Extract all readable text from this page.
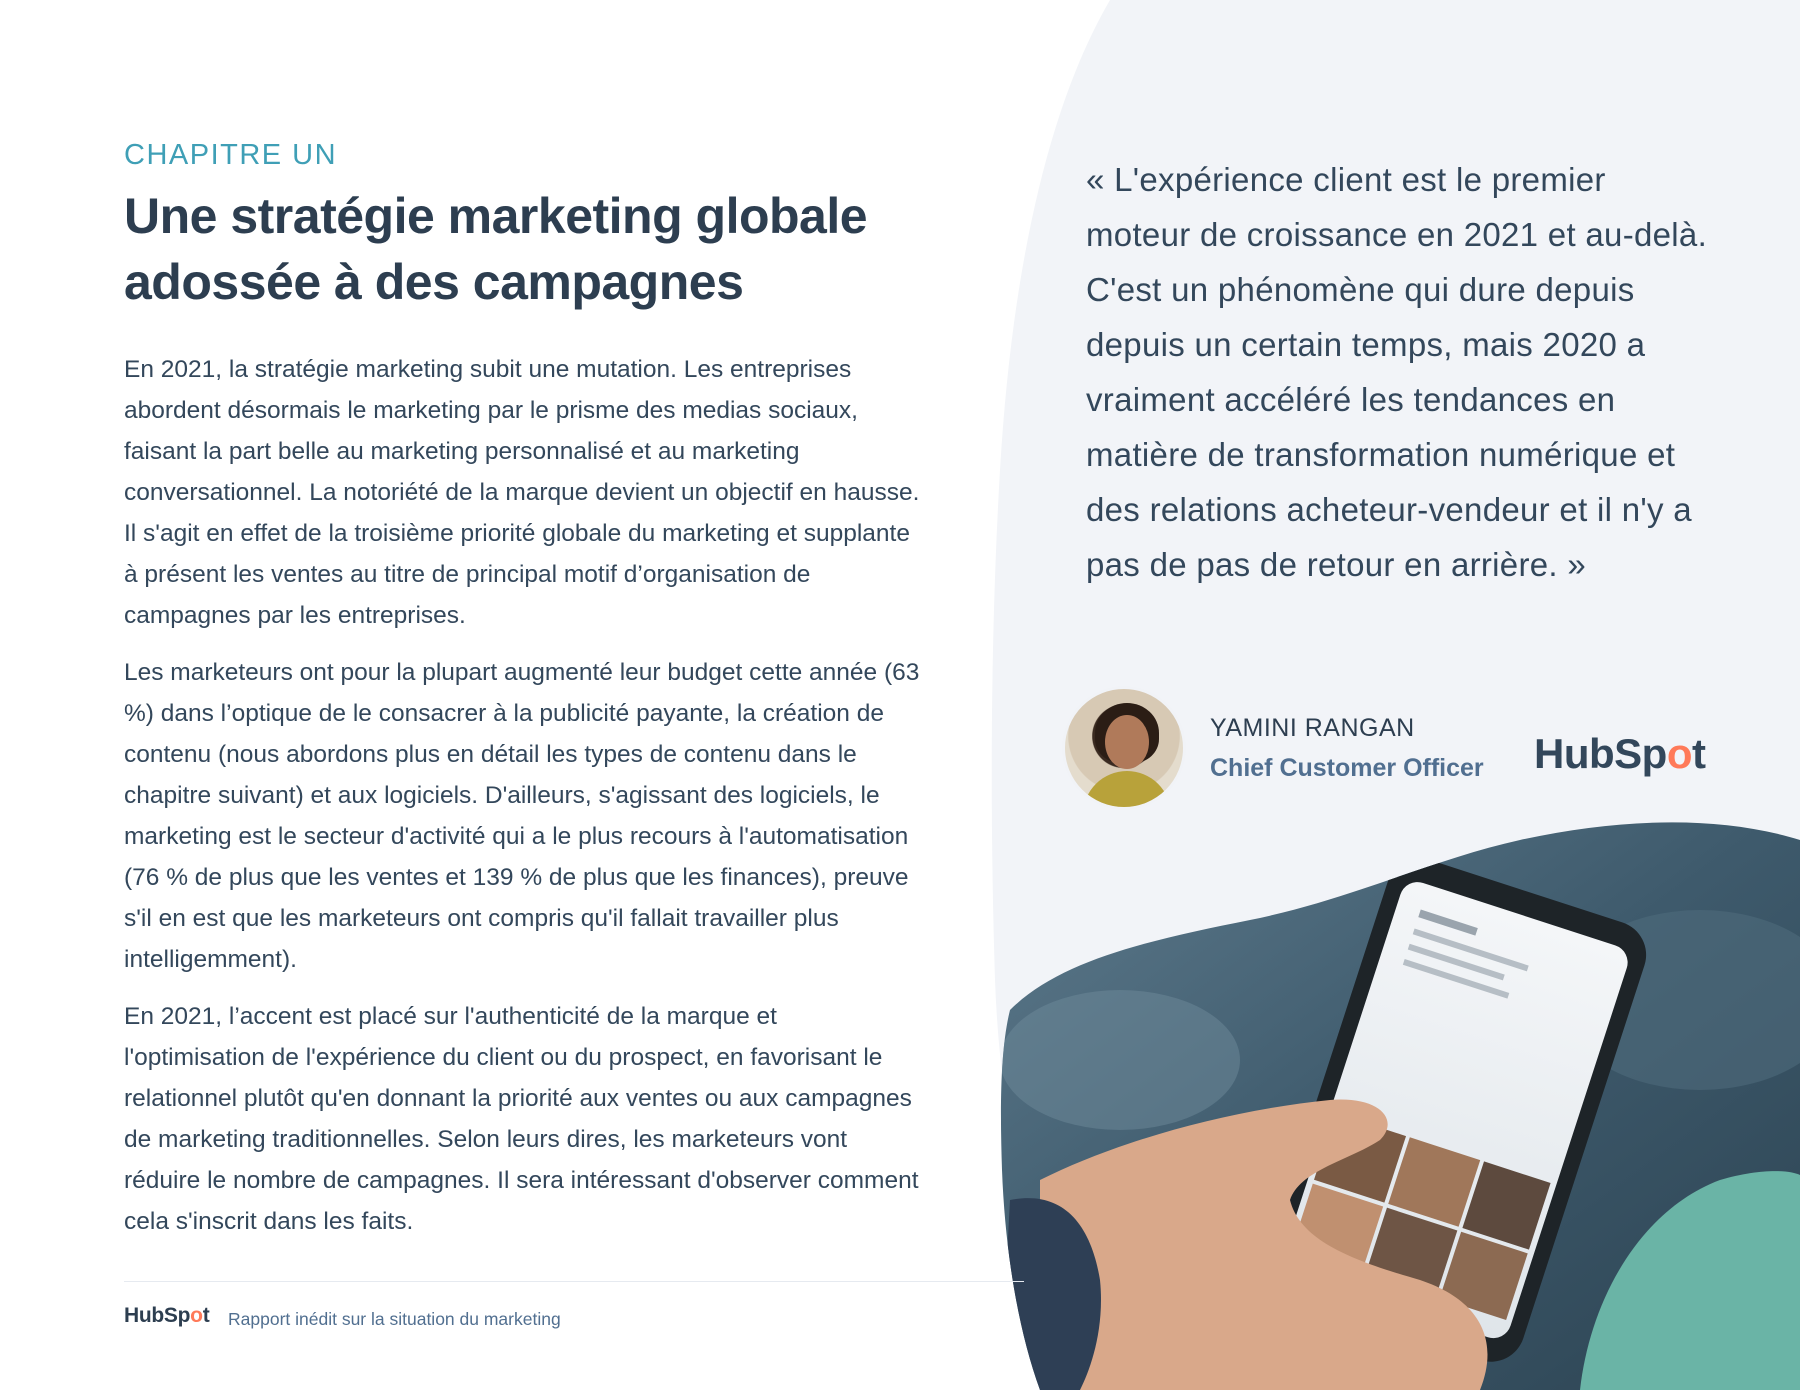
CHAPITRE UN
Une stratégie marketing globale
adossée à des campagnes

En 2021, la stratégie marketing subit une mutation. Les entreprises abordent désormais le marketing par le prisme des medias sociaux, faisant la part belle au marketing personnalisé et au marketing conversationnel. La notoriété de la marque devient un objectif en hausse. Il s'agit en effet de la troisième priorité globale du marketing et supplante à présent les ventes au titre de principal motif d’organisation de campagnes par les entreprises.

Les marketeurs ont pour la plupart augmenté leur budget cette année (63 %) dans l’optique de le consacrer à la publicité payante, la création de contenu (nous abordons plus en détail les types de contenu dans le chapitre suivant) et aux logiciels. D'ailleurs, s'agissant des logiciels, le marketing est le secteur d'activité qui a le plus recours à l'automatisation (76 % de plus que les ventes et 139 % de plus que les finances), preuve s'il en est que les marketeurs ont compris qu'il fallait travailler plus intelligemment).

En 2021, l’accent est placé sur l'authenticité de la marque et l'optimisation de l'expérience du client ou du prospect, en favorisant le relationnel plutôt qu'en donnant la priorité aux ventes ou aux campagnes de marketing traditionnelles. Selon leurs dires, les marketeurs vont réduire le nombre de campagnes. Il sera intéressant d'observer comment cela s'inscrit dans les faits.

« L'expérience client est le premier moteur de croissance en 2021 et au-delà. C'est un phénomène qui dure depuis depuis un certain temps, mais 2020 a vraiment accéléré les tendances en matière de transformation numérique et des relations acheteur-vendeur et il n'y a pas de pas de retour en arrière. »
YAMINI RANGAN
Chief Customer Officer HubSpot
HubSpot Rapport inédit sur la situation du marketing
